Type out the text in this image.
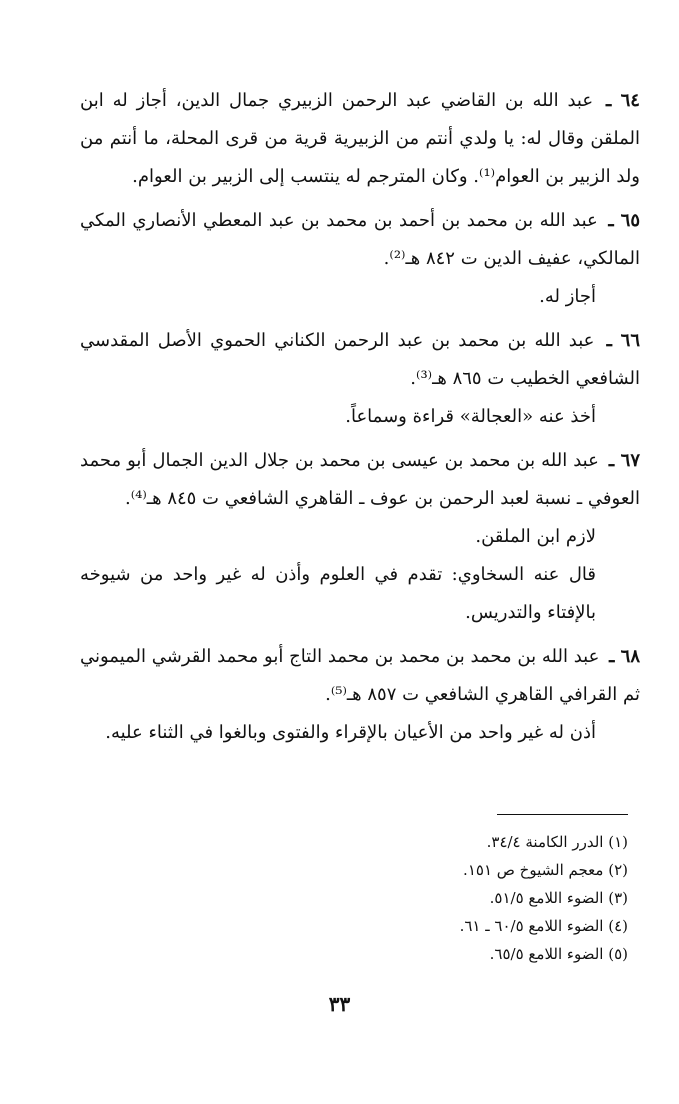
٦٤ ـ عبد الله بن القاضي عبد الرحمن الزبيري جمال الدين، أجاز له ابن الملقن وقال له: يا ولدي أنتم من الزبيرية قرية من قرى المحلة، ما أنتم من ولد الزبير بن العوام⁽¹⁾. وكان المترجم له ينتسب إلى الزبير بن العوام.
٦٥ ـ عبد الله بن محمد بن أحمد بن محمد بن عبد المعطي الأنصاري المكي المالكي، عفيف الدين ت ٨٤٢ هـ⁽²⁾.
أجاز له.
٦٦ ـ عبد الله بن محمد بن عبد الرحمن الكناني الحموي الأصل المقدسي الشافعي الخطيب ت ٨٦٥ هـ⁽³⁾.
أخذ عنه «العجالة» قراءة وسماعاً.
٦٧ ـ عبد الله بن محمد بن عيسى بن محمد بن جلال الدين الجمال أبو محمد العوفي ـ نسبة لعبد الرحمن بن عوف ـ القاهري الشافعي ت ٨٤٥ هـ⁽⁴⁾.
لازم ابن الملقن.
قال عنه السخاوي: تقدم في العلوم وأذن له غير واحد من شيوخه بالإفتاء والتدريس.
٦٨ ـ عبد الله بن محمد بن محمد بن محمد التاج أبو محمد القرشي الميموني ثم القرافي القاهري الشافعي ت ٨٥٧ هـ⁽⁵⁾.
أذن له غير واحد من الأعيان بالإقراء والفتوى وبالغوا في الثناء عليه.
(١) الدرر الكامنة ٣٤/٤.
(٢) معجم الشيوخ ص ١٥١.
(٣) الضوء اللامع ٥١/٥.
(٤) الضوء اللامع ٦٠/٥ ـ ٦١.
(٥) الضوء اللامع ٦٥/٥.
٣٣
